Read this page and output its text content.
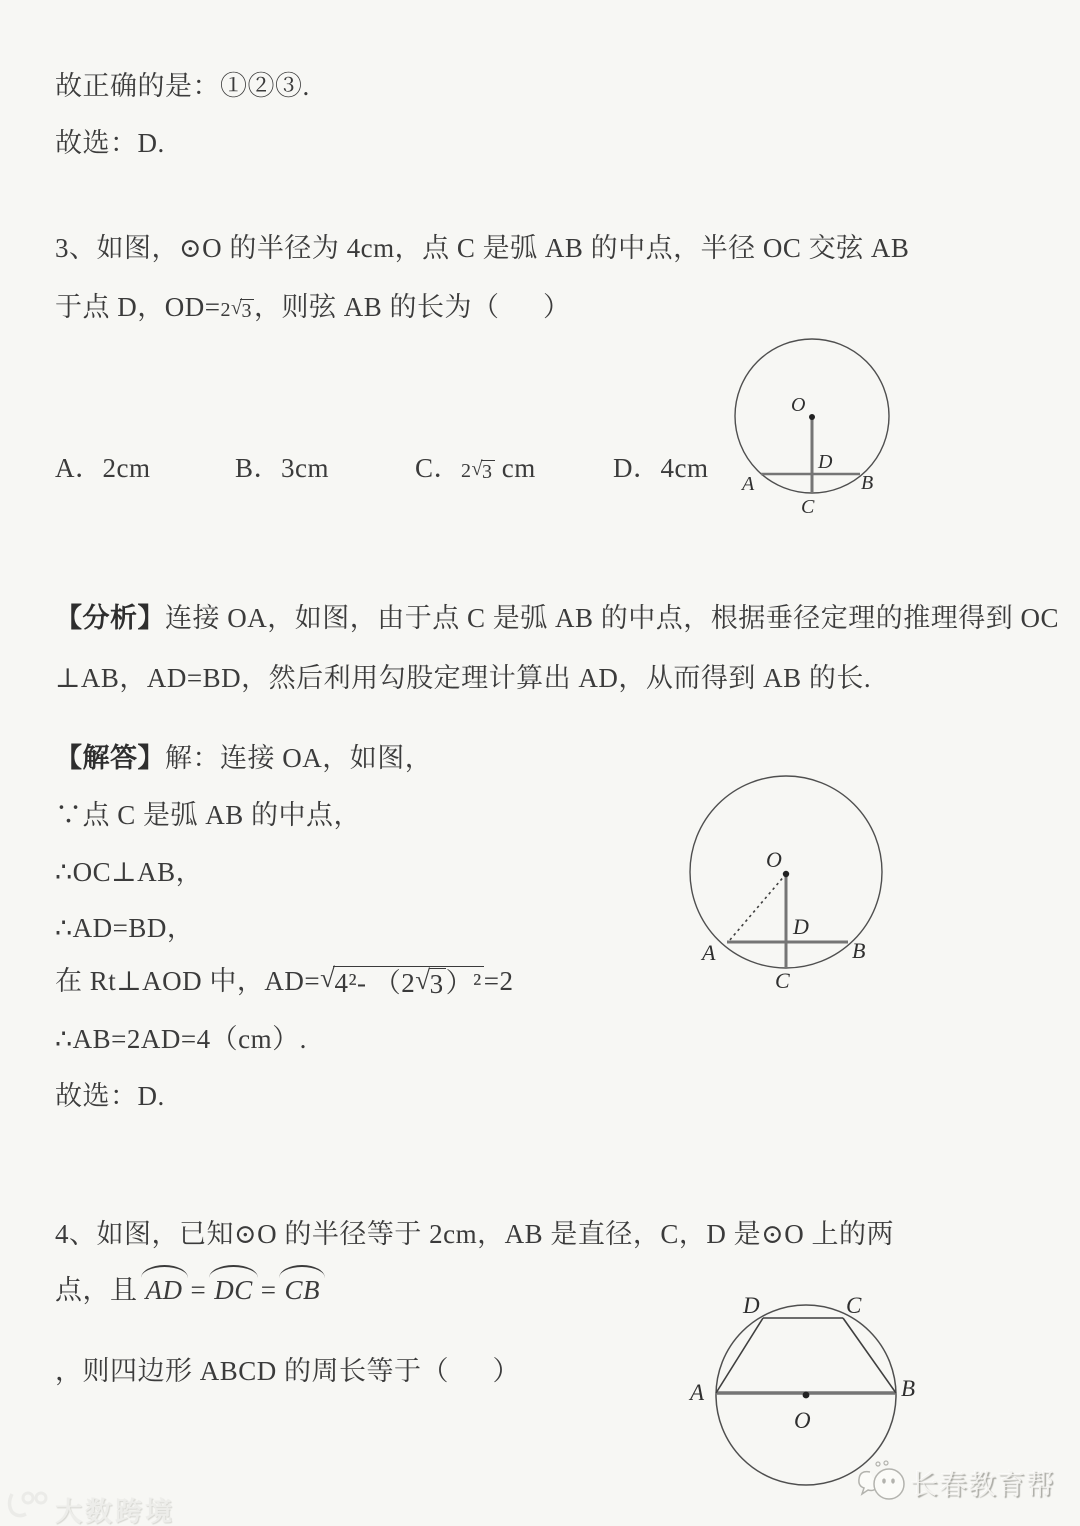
故正确的是：①②③.
故选：D.
3、如图，⊙O 的半径为 4cm，点 C 是弧 AB 的中点，半径 OC 交弦 AB
于点 D，OD=2√3，则弦 AB 的长为（      ）
O
D
A	B
C
A．2cm	B．3cm	C．2√3 cm	D．4cm
【分析】连接 OA，如图，由于点 C 是弧 AB 的中点，根据垂径定理的推理得到 OC
⊥AB，AD=BD，然后利用勾股定理计算出 AD，从而得到 AB 的长.
【解答】解：连接 OA，如图，
∵点 C 是弧 AB 的中点，
∴OC⊥AB，
∴AD=BD，
在 Rt⊥AOD 中，AD=√4²- （2√3）²=2
∴AB=2AD=4（cm）.
故选：D.
O
D
A	B
C
4、如图，已知⊙O 的半径等于 2cm，AB 是直径，C，D 是⊙O 上的两
点，且 AD = DC = CB
，则四边形 ABCD 的周长等于（      ）
D	C
A	B
O
大数跨境
长春教育帮
